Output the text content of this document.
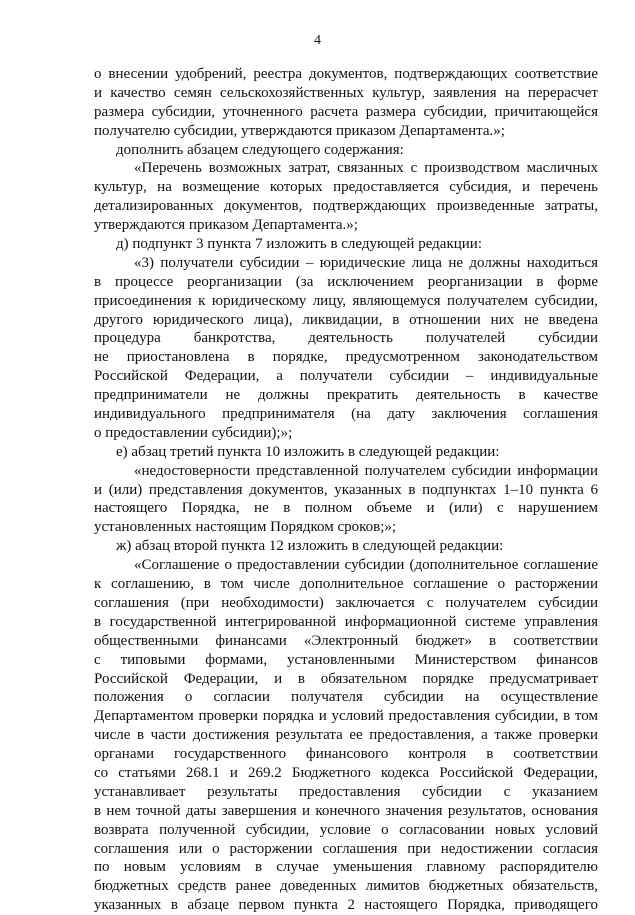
4
о внесении удобрений, реестра документов, подтверждающих соответствие
и качество семян сельскохозяйственных культур, заявления на перерасчет
размера субсидии, уточненного расчета размера субсидии, причитающейся
получателю субсидии, утверждаются приказом Департамента.»;
дополнить абзацем следующего содержания:
«Перечень возможных затрат, связанных с производством масличных
культур, на возмещение которых предоставляется субсидия, и перечень
детализированных документов, подтверждающих произведенные затраты,
утверждаются приказом Департамента.»;
д) подпункт 3 пункта 7 изложить в следующей редакции:
«3) получатели субсидии – юридические лица не должны находиться
в процессе реорганизации (за исключением реорганизации в форме
присоединения к юридическому лицу, являющемуся получателем субсидии,
другого юридического лица), ликвидации, в отношении них не введена
процедура банкротства, деятельность получателей субсидии
не приостановлена в порядке, предусмотренном законодательством
Российской Федерации, а получатели субсидии – индивидуальные
предприниматели не должны прекратить деятельность в качестве
индивидуального предпринимателя (на дату заключения соглашения
о предоставлении субсидии);»;
е) абзац третий пункта 10 изложить в следующей редакции:
«недостоверности представленной получателем субсидии информации
и (или) представления документов, указанных в подпунктах 1–10 пункта 6
настоящего Порядка, не в полном объеме и (или) с нарушением
установленных настоящим Порядком сроков;»;
ж) абзац второй пункта 12 изложить в следующей редакции:
«Соглашение о предоставлении субсидии (дополнительное соглашение
к соглашению, в том числе дополнительное соглашение о расторжении
соглашения (при необходимости) заключается с получателем субсидии
в государственной интегрированной информационной системе управления
общественными финансами «Электронный бюджет» в соответствии
с типовыми формами, установленными Министерством финансов
Российской Федерации, и в обязательном порядке предусматривает
положения о согласии получателя субсидии на осуществление
Департаментом проверки порядка и условий предоставления субсидии, в том
числе в части достижения результата ее предоставления, а также проверки
органами государственного финансового контроля в соответствии
со статьями 268.1 и 269.2 Бюджетного кодекса Российской Федерации,
устанавливает результаты предоставления субсидии с указанием
в нем точной даты завершения и конечного значения результатов, основания
возврата полученной субсидии, условие о согласовании новых условий
соглашения или о расторжении соглашения при недостижении согласия
по новым условиям в случае уменьшения главному распорядителю
бюджетных средств ранее доведенных лимитов бюджетных обязательств,
указанных в абзаце первом пункта 2 настоящего Порядка, приводящего
